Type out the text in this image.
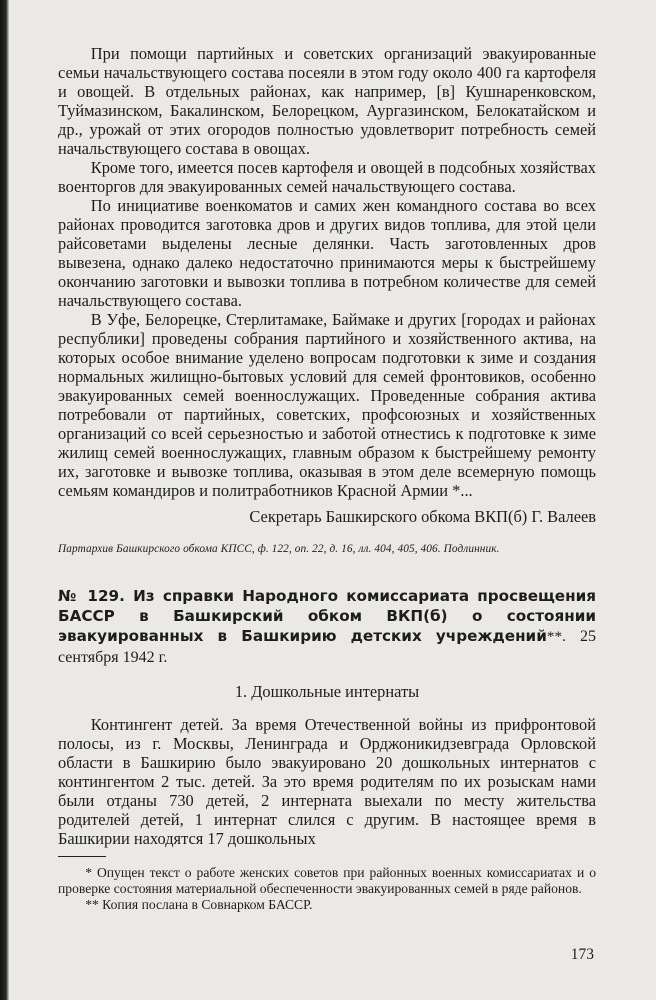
При помощи партийных и советских организаций эвакуированные семьи начальствующего состава посеяли в этом году около 400 га картофеля и овощей. В отдельных районах, как например, [в] Кушнаренковском, Туймазинском, Бакалинском, Белорецком, Аургазинском, Белокатайском и др., урожай от этих огородов полностью удовлетворит потребность семей начальствующего состава в овощах.

Кроме того, имеется посев картофеля и овощей в подсобных хозяйствах военторгов для эвакуированных семей начальствующего состава.

По инициативе военкоматов и самих жен командного состава во всех районах проводится заготовка дров и других видов топлива, для этой цели райсоветами выделены лесные делянки. Часть заготовленных дров вывезена, однако далеко недостаточно принимаются меры к быстрейшему окончанию заготовки и вывозки топлива в потребном количестве для семей начальствующего состава.

В Уфе, Белорецке, Стерлитамаке, Баймаке и других [городах и районах республики] проведены собрания партийного и хозяйственного актива, на которых особое внимание уделено вопросам подготовки к зиме и создания нормальных жилищно-бытовых условий для семей фронтовиков, особенно эвакуированных семей военнослужащих. Проведенные собрания актива потребовали от партийных, советских, профсоюзных и хозяйственных организаций со всей серьезностью и заботой отнестись к подготовке к зиме жилищ семей военнослужащих, главным образом к быстрейшему ремонту их, заготовке и вывозке топлива, оказывая в этом деле всемерную помощь семьям командиров и политработников Красной Армии *...

Секретарь Башкирского обкома ВКП(б) Г. Валеев

Партархив Башкирского обкома КПСС, ф. 122, оп. 22, д. 16, лл. 404, 405, 406. Подлинник.

№ 129. Из справки Народного комиссариата просвещения БАССР в Башкирский обком ВКП(б) о состоянии эвакуированных в Башкирию детских учреждений**. 25 сентября 1942 г.

1. Дошкольные интернаты

Контингент детей. За время Отечественной войны из прифронтовой полосы, из г. Москвы, Ленинграда и Орджоникидзевграда Орловской области в Башкирию было эвакуировано 20 дошкольных интернатов с контингентом 2 тыс. детей. За это время родителям по их розыскам нами были отданы 730 детей, 2 интерната выехали по месту жительства родителей детей, 1 интернат слился с другим. В настоящее время в Башкирии находятся 17 дошкольных

* Опущен текст о работе женских советов при районных военных комиссариатах и о проверке состояния материальной обеспеченности эвакуированных семей в ряде районов.

** Копия послана в Совнарком БАССР.

173
